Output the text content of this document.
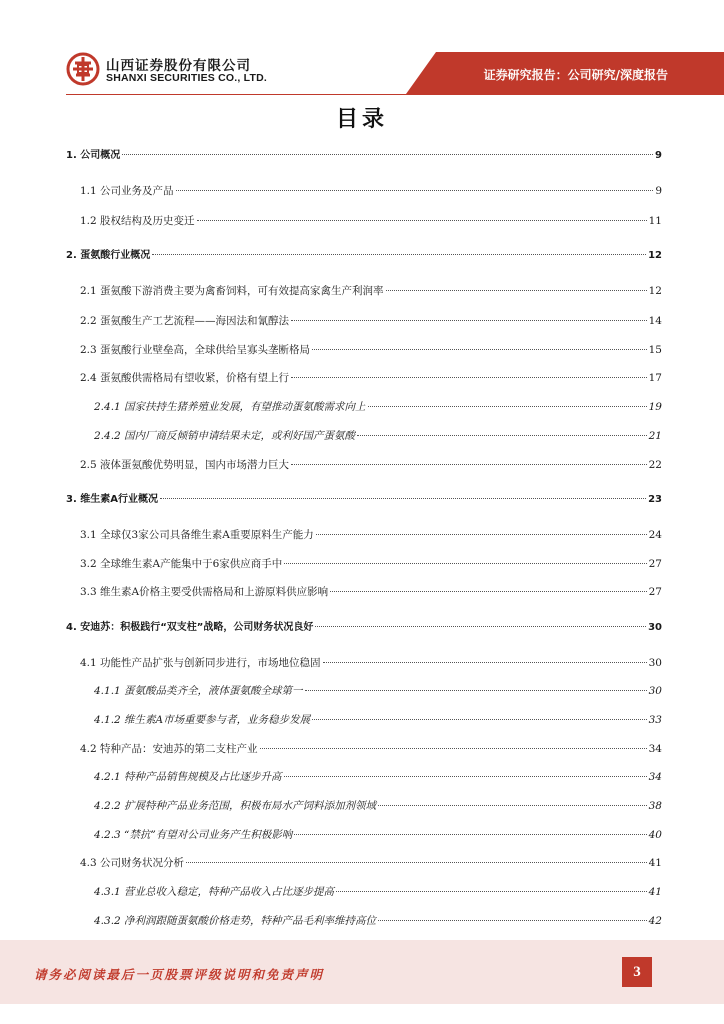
山西证券股份有限公司
SHANXI SECURITIES CO., LTD.	证券研究报告：公司研究/深度报告
目录
1. 公司概况	9
1.1 公司业务及产品	9
1.2 股权结构及历史变迁	11
2. 蛋氨酸行业概况	12
2.1 蛋氨酸下游消费主要为禽畜饲料，可有效提高家禽生产利润率	12
2.2 蛋氨酸生产工艺流程——海因法和氰醇法	14
2.3 蛋氨酸行业壁垒高，全球供给呈寡头垄断格局	15
2.4 蛋氨酸供需格局有望收紧，价格有望上行	17
2.4.1 国家扶持生猪养殖业发展，有望推动蛋氨酸需求向上	19
2.4.2 国内厂商反倾销申请结果未定，或利好国产蛋氨酸	21
2.5 液体蛋氨酸优势明显，国内市场潜力巨大	22
3. 维生素A行业概况	23
3.1 全球仅3家公司具备维生素A重要原料生产能力	24
3.2 全球维生素A产能集中于6家供应商手中	27
3.3 维生素A价格主要受供需格局和上游原料供应影响	27
4. 安迪苏：积极践行“双支柱”战略，公司财务状况良好	30
4.1 功能性产品扩张与创新同步进行，市场地位稳固	30
4.1.1 蛋氨酸品类齐全，液体蛋氨酸全球第一	30
4.1.2 维生素A市场重要参与者，业务稳步发展	33
4.2 特种产品：安迪苏的第二支柱产业	34
4.2.1 特种产品销售规模及占比逐步升高	34
4.2.2 扩展特种产品业务范围，积极布局水产饲料添加剂领域	38
4.2.3 “禁抗”有望对公司业务产生积极影响	40
4.3 公司财务状况分析	41
4.3.1 营业总收入稳定，特种产品收入占比逐步提高	41
4.3.2 净利润跟随蛋氨酸价格走势，特种产品毛利率维持高位	42
请务必阅读最后一页股票评级说明和免责声明	3
